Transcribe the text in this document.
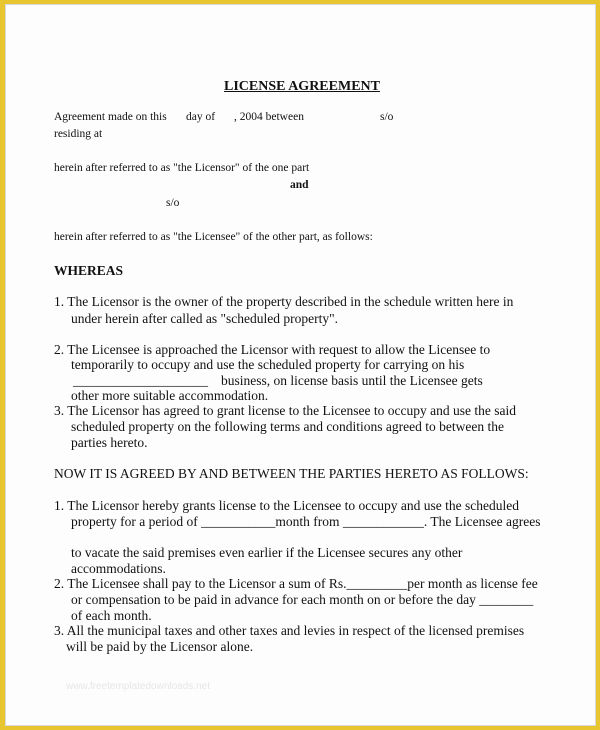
LICENSE AGREEMENT
Agreement made on this day of , 2004 between	s/o
residing at
herein after referred to as "the Licensor" of the one part
and
s/o
herein after referred to as "the Licensee" of the other part, as follows:
WHEREAS
1. The Licensor is the owner of the property described in the schedule written here in
under herein after called as "scheduled property".
2. The Licensee is approached the Licensor with request to allow the Licensee to
temporarily to occupy and use the scheduled property for carrying on his
____________________ business, on license basis until the Licensee gets
other more suitable accommodation.
3. The Licensor has agreed to grant license to the Licensee to occupy and use the said
scheduled property on the following terms and conditions agreed to between the
parties hereto.
NOW IT IS AGREED BY AND BETWEEN THE PARTIES HERETO AS FOLLOWS:
1. The Licensor hereby grants license to the Licensee to occupy and use the scheduled
property for a period of ___________month from ____________. The Licensee agrees
to vacate the said premises even earlier if the Licensee secures any other
accommodations.
2. The Licensee shall pay to the Licensor a sum of Rs._________per month as license fee
or compensation to be paid in advance for each month on or before the day ________
of each month.
3. All the municipal taxes and other taxes and levies in respect of the licensed premises
will be paid by the Licensor alone.
www.freetemplatedownloads.net
